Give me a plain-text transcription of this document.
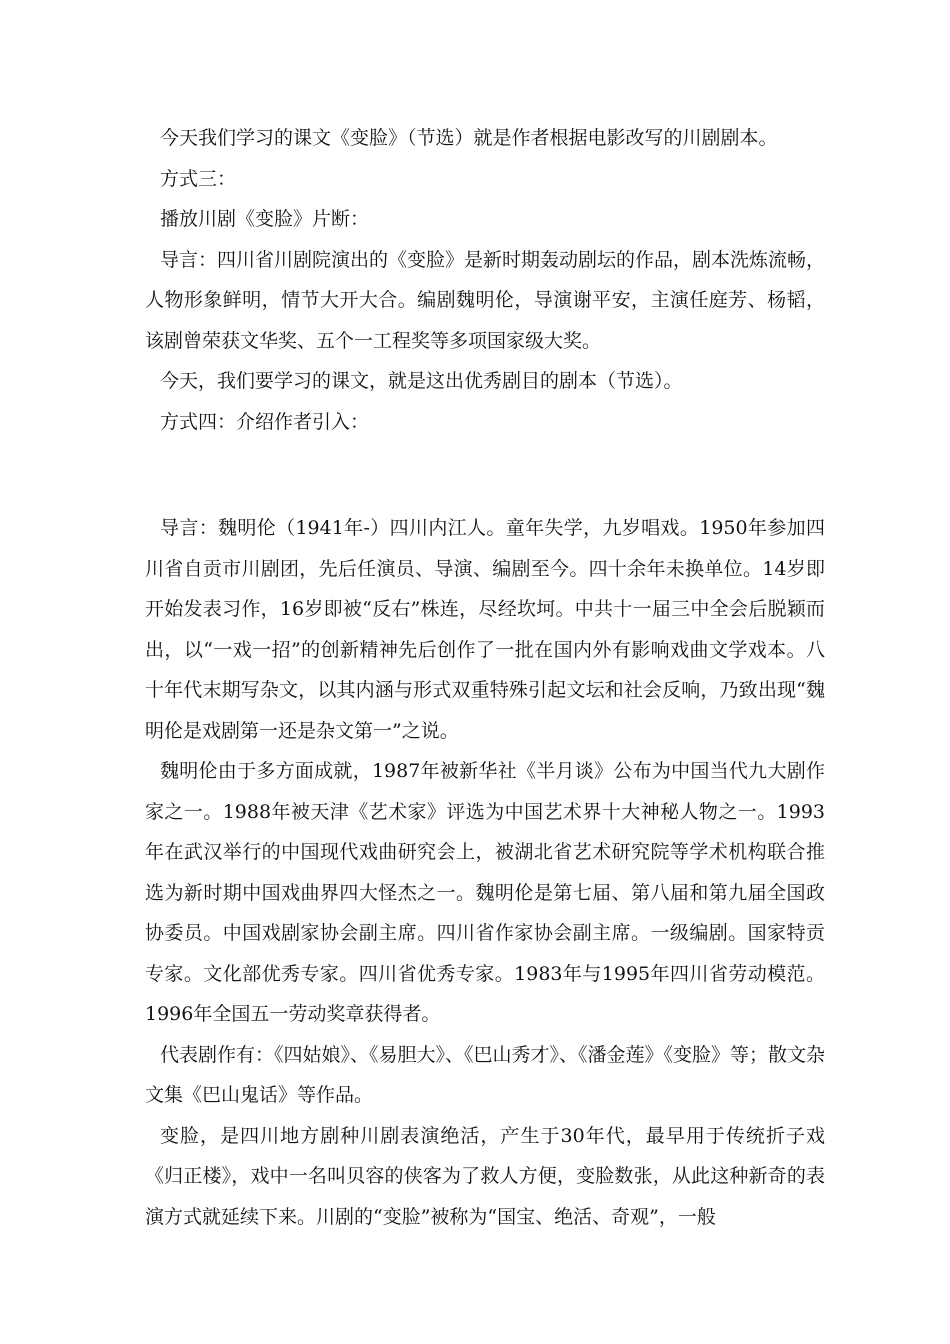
今天我们学习的课文《变脸》（节选）就是作者根据电影改写的川剧剧本。

方式三：

播放川剧《变脸》片断：

导言：四川省川剧院演出的《变脸》是新时期轰动剧坛的作品，剧本洗炼流畅，人物形象鲜明，情节大开大合。编剧魏明伦，导演谢平安，主演任庭芳、杨韬，该剧曾荣获文华奖、五个一工程奖等多项国家级大奖。

今天，我们要学习的课文，就是这出优秀剧目的剧本（节选）。

方式四：介绍作者引入：

导言：魏明伦（1941年-）四川内江人。童年失学，九岁唱戏。1950年参加四川省自贡市川剧团，先后任演员、导演、编剧至今。四十余年未换单位。14岁即开始发表习作，16岁即被“反右”株连，尽经坎坷。中共十一届三中全会后脱颖而出，以“一戏一招”的创新精神先后创作了一批在国内外有影响戏曲文学戏本。八十年代末期写杂文，以其内涵与形式双重特殊引起文坛和社会反响，乃致出现“魏明伦是戏剧第一还是杂文第一”之说。

魏明伦由于多方面成就，1987年被新华社《半月谈》公布为中国当代九大剧作家之一。1988年被天津《艺术家》评选为中国艺术界十大神秘人物之一。1993年在武汉举行的中国现代戏曲研究会上，被湖北省艺术研究院等学术机构联合推选为新时期中国戏曲界四大怪杰之一。魏明伦是第七届、第八届和第九届全国政协委员。中国戏剧家协会副主席。四川省作家协会副主席。一级编剧。国家特贡专家。文化部优秀专家。四川省优秀专家。1983年与1995年四川省劳动模范。1996年全国五一劳动奖章获得者。

代表剧作有：《四姑娘》、《易胆大》、《巴山秀才》、《潘金莲》《变脸》等；散文杂文集《巴山鬼话》等作品。

变脸，是四川地方剧种川剧表演绝活，产生于30年代，最早用于传统折子戏《归正楼》，戏中一名叫贝容的侠客为了救人方便，变脸数张，从此这种新奇的表演方式就延续下来。川剧的“变脸”被称为“国宝、绝活、奇观”，一般
